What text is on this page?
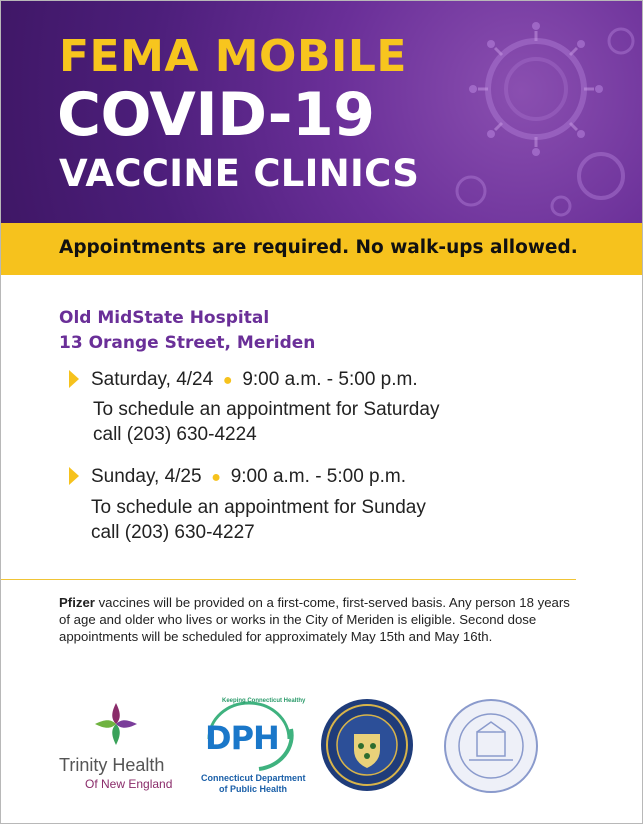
FEMA MOBILE
COVID-19
VACCINE CLINICS
Appointments are required. No walk-ups allowed.
Old MidState Hospital
13 Orange Street, Meriden
Saturday, 4/24  ●  9:00 a.m. - 5:00 p.m.
To schedule an appointment for Saturday
call (203) 630-4224
Sunday, 4/25  ●  9:00 a.m. - 5:00 p.m.
To schedule an appointment for Sunday
call (203) 630-4227
Pfizer vaccines will be provided on a first-come, first-served basis. Any person 18 years of age and older who lives or works in the City of Meriden is eligible. Second dose appointments will be scheduled for approximately May 15th and May 16th.
Trinity Health
Of New England
Keeping Connecticut Healthy
DPH
Connecticut Department
of Public Health
